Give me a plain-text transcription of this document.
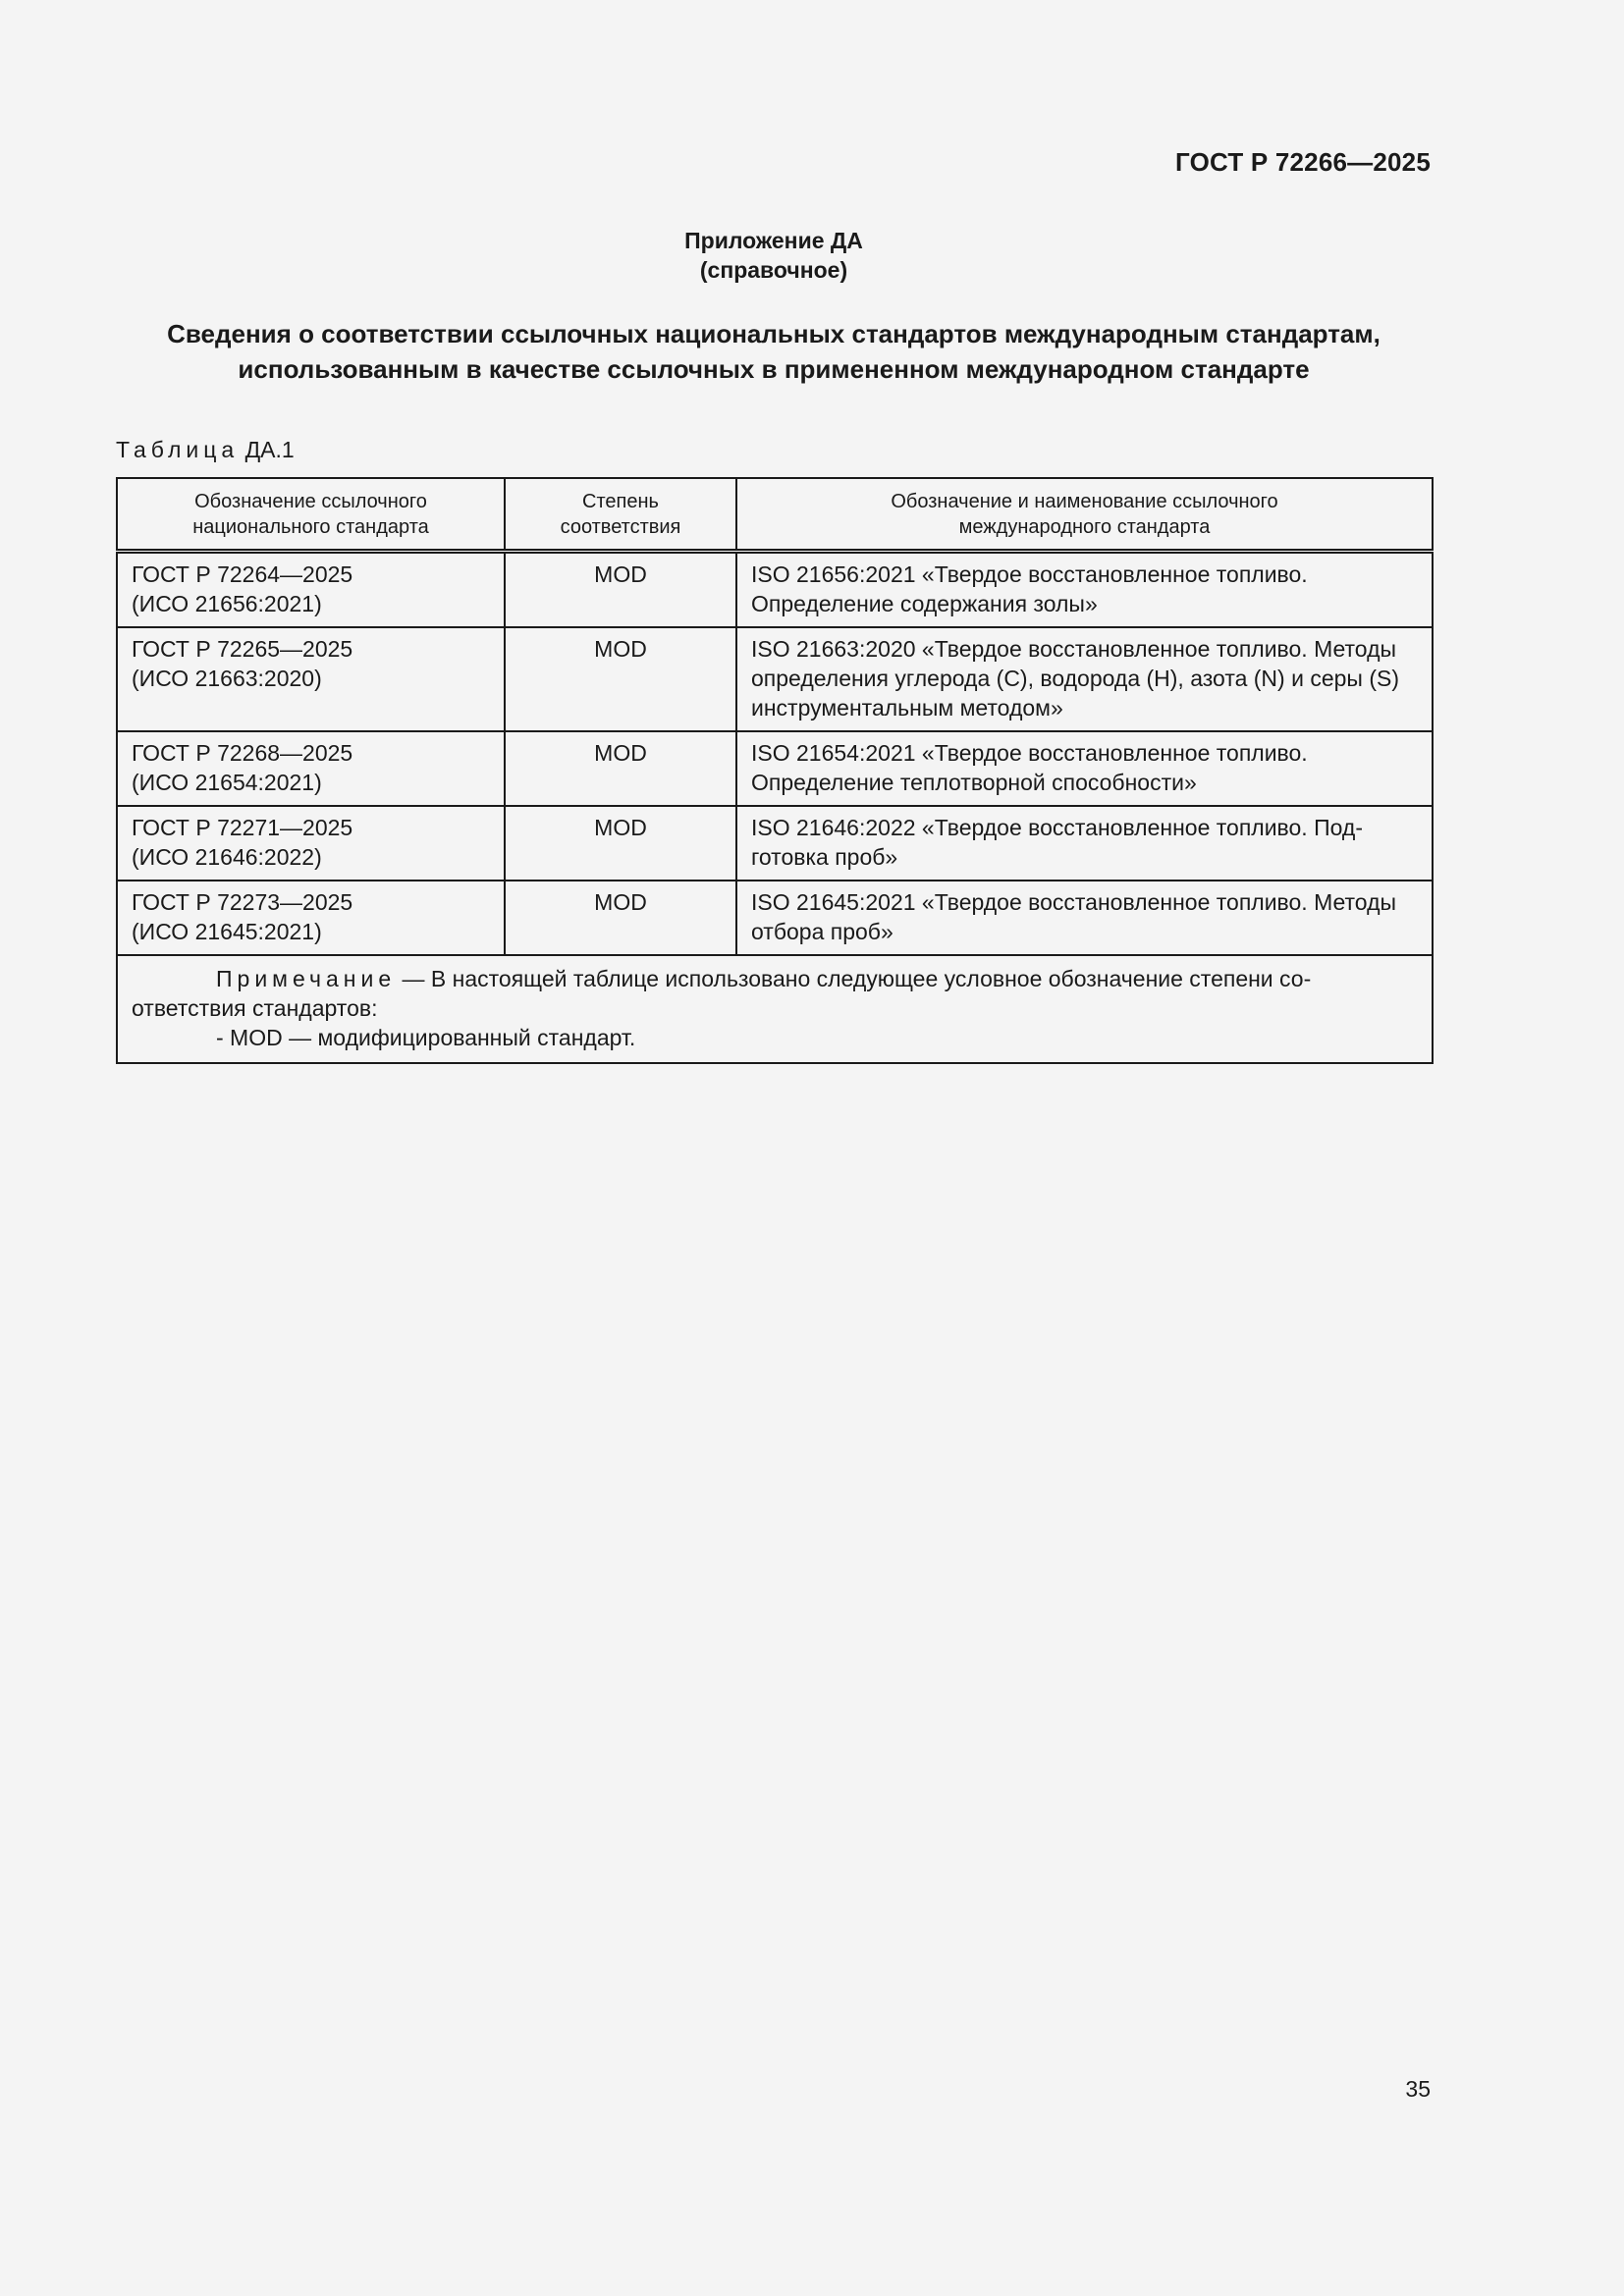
ГОСТ Р 72266—2025
Приложение ДА
(справочное)
Сведения о соответствии ссылочных национальных стандартов международным стандартам,
использованным в качестве ссылочных в примененном международном стандарте
Таблица ДА.1
Обозначение ссылочного
национального стандарта	Степень
соответствия	Обозначение и наименование ссылочного
международного стандарта
ГОСТ Р 72264—2025
(ИСО 21656:2021)	MOD	ISO 21656:2021 «Твердое восстановленное топливо. Определение содержания золы»
ГОСТ Р 72265—2025
(ИСО 21663:2020)	MOD	ISO 21663:2020 «Твердое восстановленное топливо. Методы определения углерода (С), водорода (Н), азота (N) и серы (S) инструментальным методом»
ГОСТ Р 72268—2025
(ИСО 21654:2021)	MOD	ISO 21654:2021 «Твердое восстановленное топливо. Определение теплотворной способности»
ГОСТ Р 72271—2025
(ИСО 21646:2022)	MOD	ISO 21646:2022 «Твердое восстановленное топливо. Подготовка проб»
ГОСТ Р 72273—2025
(ИСО 21645:2021)	MOD	ISO 21645:2021 «Твердое восстановленное топливо. Методы отбора проб»

Примечание — В настоящей таблице использовано следующее условное обозначение степени соответствия стандартов:
- MOD — модифицированный стандарт.		
35
